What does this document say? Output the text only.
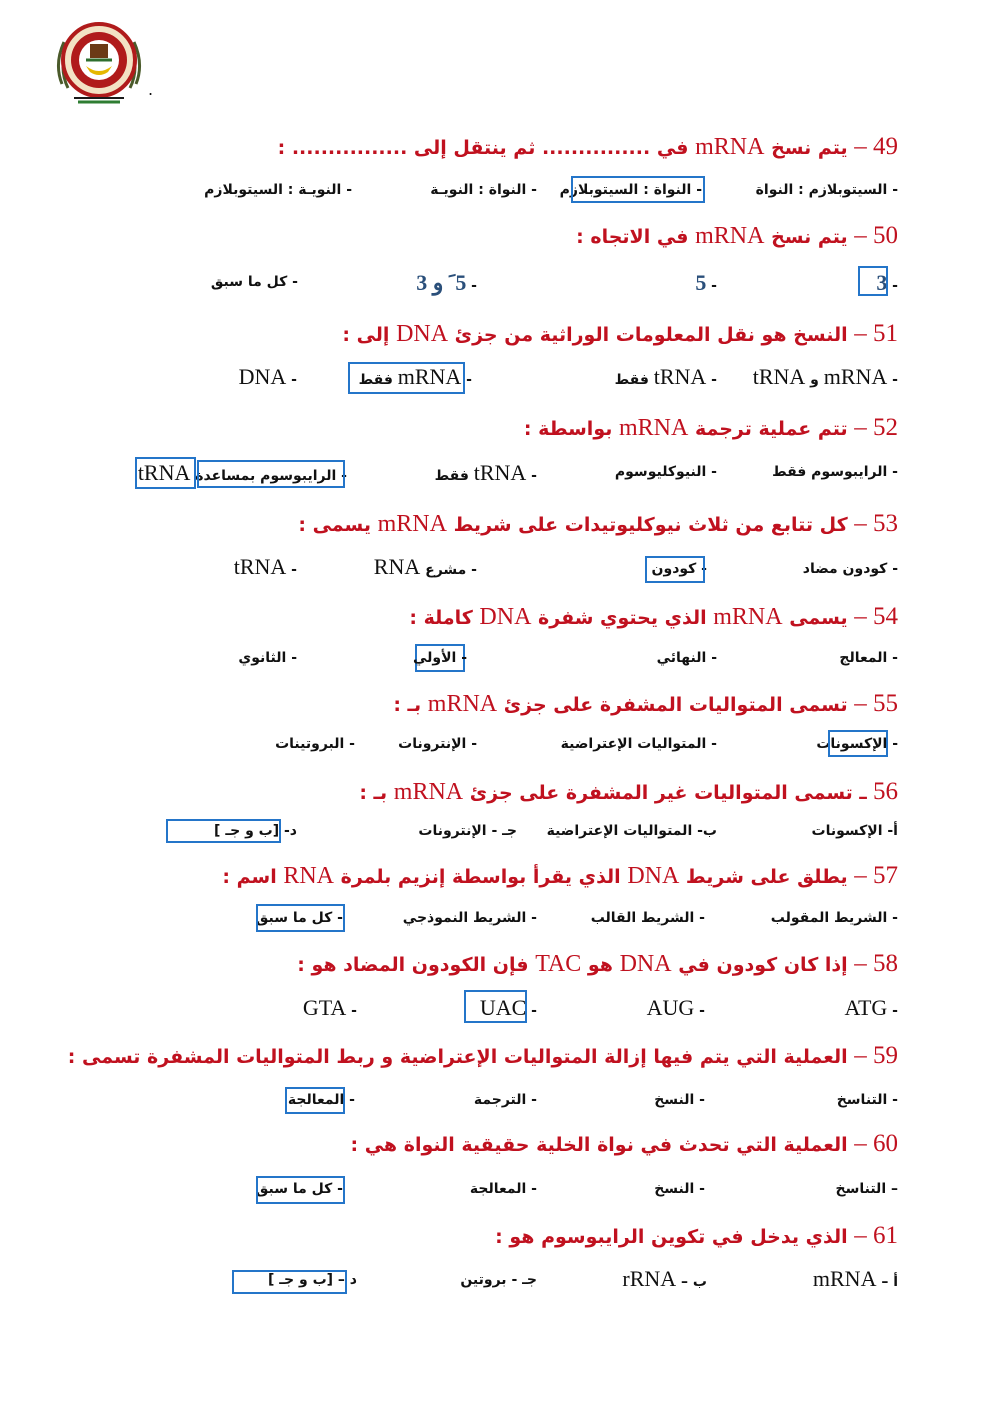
.
49 – يتم نسخ mRNA في ............... ثم ينتقل إلى ................ :
- السيتوبلازم : النواة
- النواة : السيتوبلازم
- النواة : النويـة
- النويـة : السيتوبلازم
50 – يتم نسخ mRNA في الاتجاه :
- 3 َ
- 5 َ
- 5 َ و 3 َ
- كل ما سبق
51 – النسخ هو نقل المعلومات الوراثية من جزئ DNA إلى :
- mRNA و tRNA
- tRNA فقط
- mRNA فقط
- DNA
52 – تتم عملية ترجمة mRNA بواسطة :
- الرايبوسوم فقط
- النيوكليوسوم
- tRNA فقط
- الرايبوسوم بمساعدة tRNA
53 – كل تتابع من ثلاث نيوكليوتيدات على شريط mRNA يسمى :
- كودون مضاد
- كودون
- مشرع RNA
- tRNA
54 – يسمى mRNA الذي يحتوي شفرة DNA كاملة :
- المعالج
- النهائي
- الأولي
- الثانوي
55 – تسمى المتواليات المشفرة على جزئ mRNA بـ :
- الإكسونات
- المتواليات الإعتراضية
- الإنترونات
- البروتينات
56 ـ تسمى المتواليات غير المشفرة على جزئ mRNA بـ :
أ- الإكسونات
ب- المتواليات الإعتراضية
جـ - الإنترونات
د- [ب و جـ ]
57 – يطلق على شريط DNA الذي يقرأ بواسطة إنزيم بلمرة RNA اسم :
- الشريط المقولب
- الشريط القالب
- الشريط النموذجي
- كل ما سبق
58 – إذا كان كودون في DNA هو TAC فإن الكودون المضاد هو :
- ATG
- AUG
- UAC
- GTA
59 – العملية التي يتم فيها إزالة المتواليات الإعتراضية و ربط المتواليات المشفرة تسمى :
- التناسخ
- النسخ
- الترجمة
- المعالجة
60 – العملية التي تحدث في نواة الخلية حقيقية النواة هي :
– التناسخ
- النسخ
- المعالجة
- كل ما سبق
61 – الذي يدخل في تكوين الرايبوسوم هو :
أ – mRNA
ب – rRNA
جـ - بروتين
د – [ب و جـ ]
